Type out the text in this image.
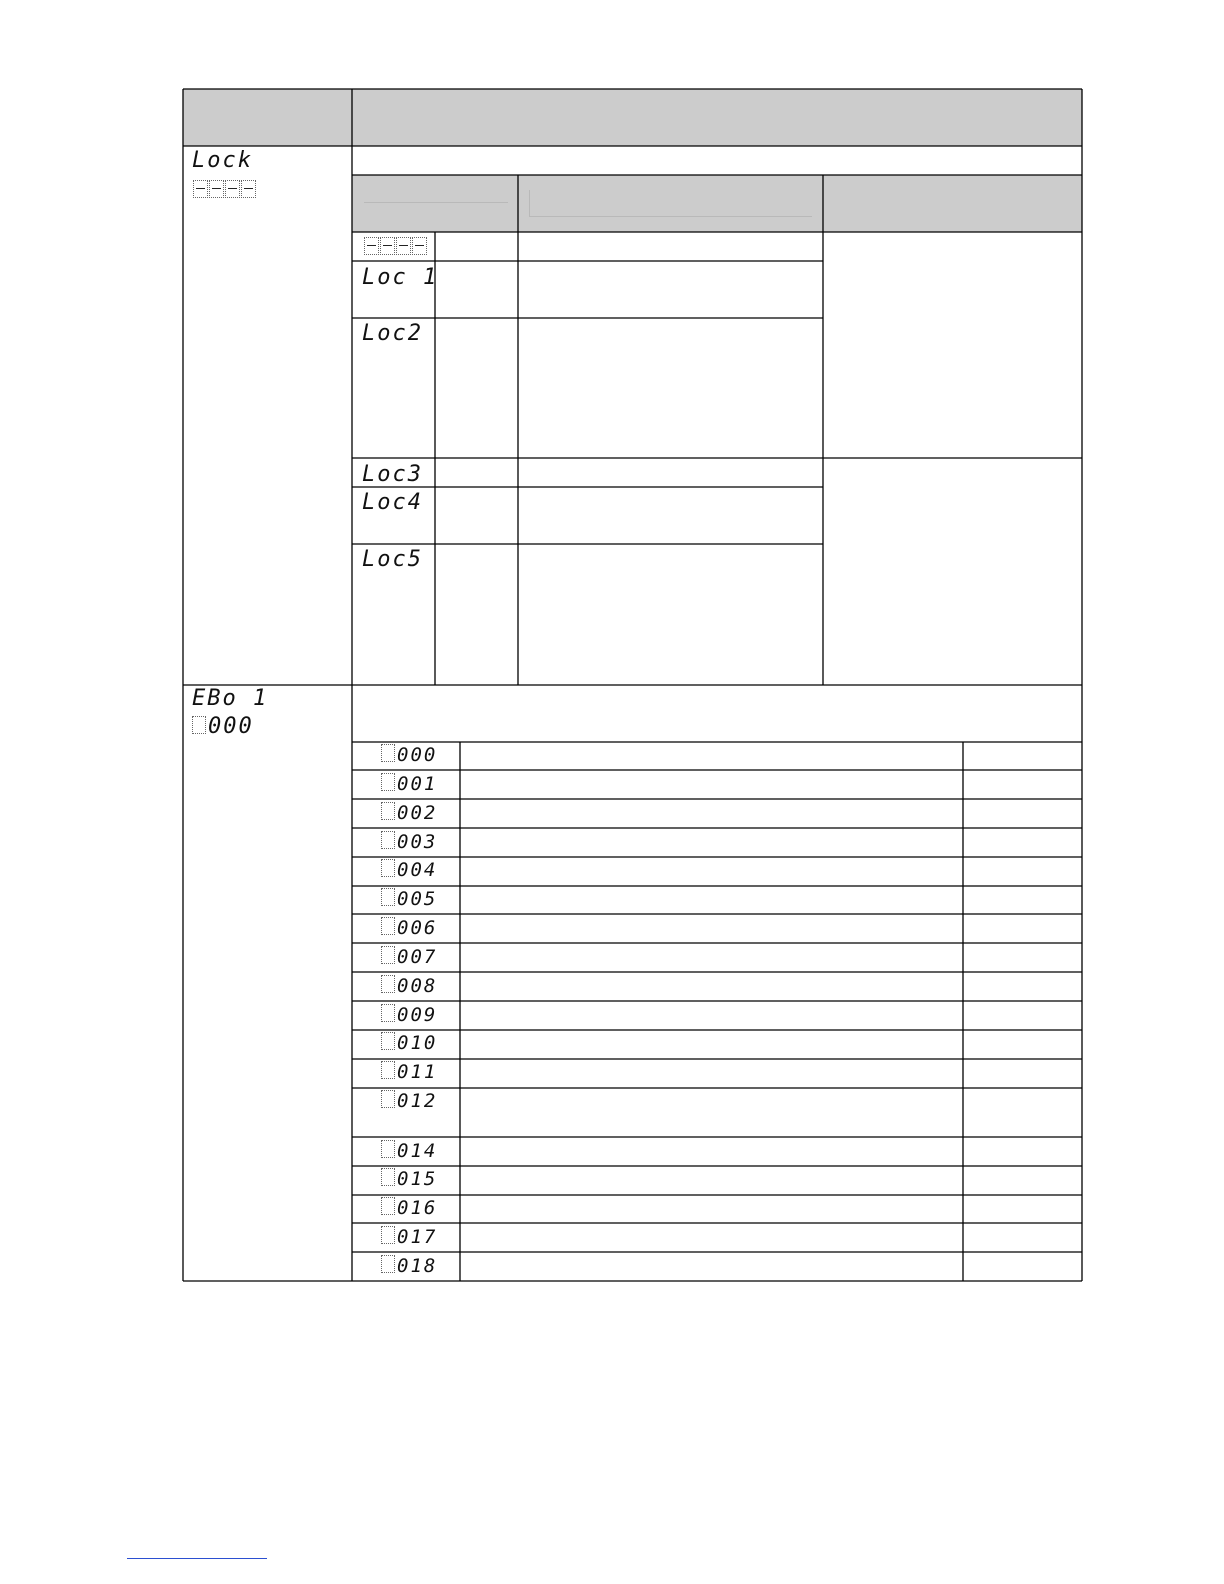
Lock
Loc 1
Loc2
Loc3
Loc4
Loc5
EBo 1
000
000
001
002
003
004
005
006
007
008
009
010
011
012
014
015
016
017
018
